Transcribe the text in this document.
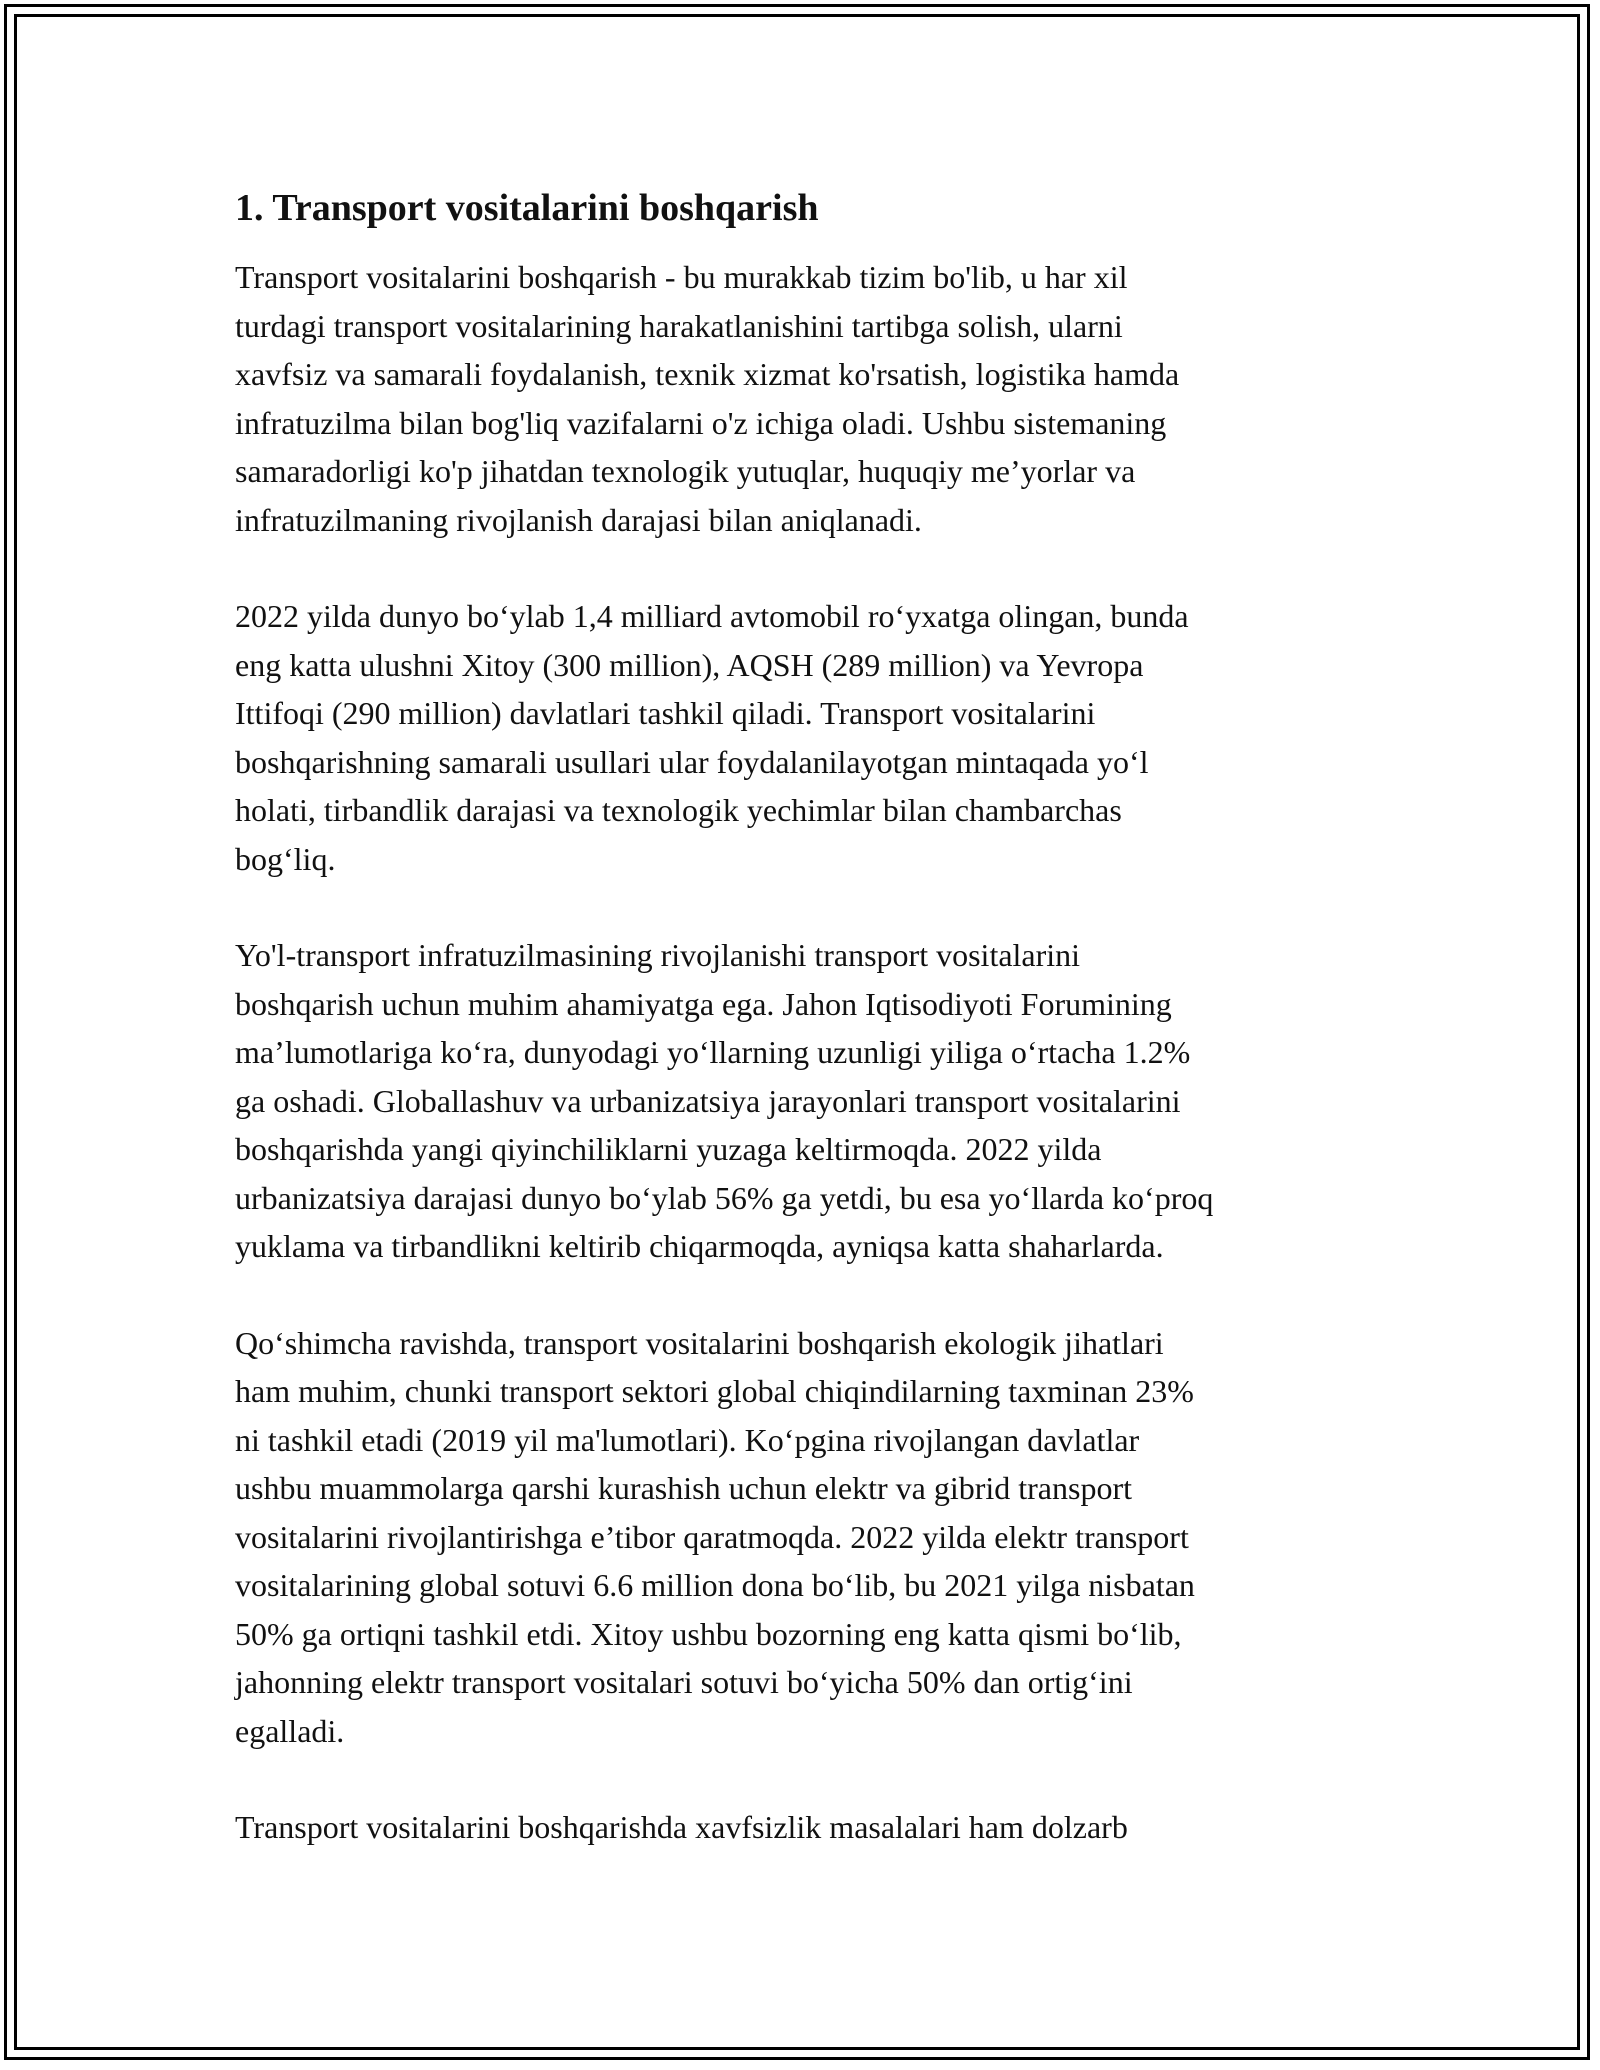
1. Transport vositalarini boshqarish

Transport vositalarini boshqarish - bu murakkab tizim bo'lib, u har xil
turdagi transport vositalarining harakatlanishini tartibga solish, ularni
xavfsiz va samarali foydalanish, texnik xizmat ko'rsatish, logistika hamda
infratuzilma bilan bog'liq vazifalarni o'z ichiga oladi. Ushbu sistemaning
samaradorligi ko'p jihatdan texnologik yutuqlar, huquqiy me’yorlar va
infratuzilmaning rivojlanish darajasi bilan aniqlanadi.

2022 yilda dunyo bo‘ylab 1,4 milliard avtomobil ro‘yxatga olingan, bunda
eng katta ulushni Xitoy (300 million), AQSH (289 million) va Yevropa
Ittifoqi (290 million) davlatlari tashkil qiladi. Transport vositalarini
boshqarishning samarali usullari ular foydalanilayotgan mintaqada yo‘l
holati, tirbandlik darajasi va texnologik yechimlar bilan chambarchas
bog‘liq.

Yo'l-transport infratuzilmasining rivojlanishi transport vositalarini
boshqarish uchun muhim ahamiyatga ega. Jahon Iqtisodiyoti Forumining
ma’lumotlariga ko‘ra, dunyodagi yo‘llarning uzunligi yiliga o‘rtacha 1.2%
ga oshadi. Globallashuv va urbanizatsiya jarayonlari transport vositalarini
boshqarishda yangi qiyinchiliklarni yuzaga keltirmoqda. 2022 yilda
urbanizatsiya darajasi dunyo bo‘ylab 56% ga yetdi, bu esa yo‘llarda ko‘proq
yuklama va tirbandlikni keltirib chiqarmoqda, ayniqsa katta shaharlarda.

Qo‘shimcha ravishda, transport vositalarini boshqarish ekologik jihatlari
ham muhim, chunki transport sektori global chiqindilarning taxminan 23%
ni tashkil etadi (2019 yil ma'lumotlari). Ko‘pgina rivojlangan davlatlar
ushbu muammolarga qarshi kurashish uchun elektr va gibrid transport
vositalarini rivojlantirishga e’tibor qaratmoqda. 2022 yilda elektr transport
vositalarining global sotuvi 6.6 million dona bo‘lib, bu 2021 yilga nisbatan
50% ga ortiqni tashkil etdi. Xitoy ushbu bozorning eng katta qismi bo‘lib,
jahonning elektr transport vositalari sotuvi bo‘yicha 50% dan ortig‘ini
egalladi.

Transport vositalarini boshqarishda xavfsizlik masalalari ham dolzarb
